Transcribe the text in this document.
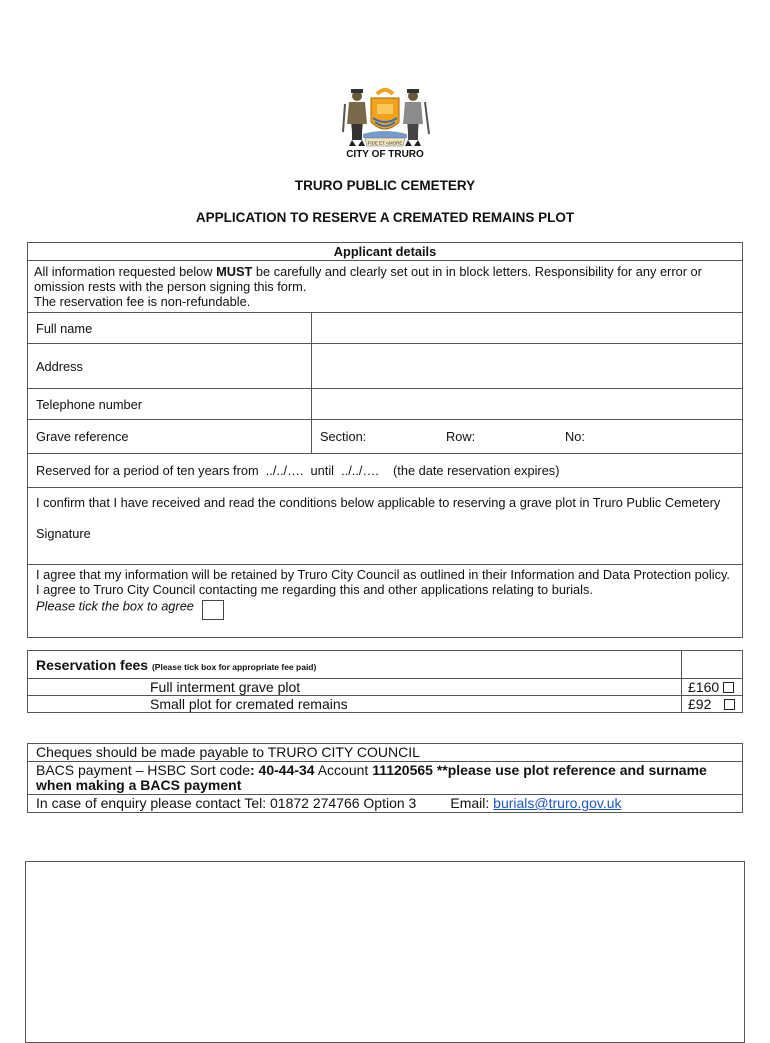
FIDE ET AMORE
CITY OF TRURO
TRURO PUBLIC CEMETERY
APPLICATION TO RESERVE A CREMATED REMAINS PLOT
Applicant details	
All information requested below MUST be carefully and clearly set out in in block letters. Responsibility for any error or omission rests with the person signing this form.
The reservation fee is non-refundable.	
Full name	
Address	
Telephone number	
Grave reference	Section: Row: No:
Reserved for a period of ten years from  ../../….  until  ../../….    (the date reservation expires)	

I confirm that I have received and read the conditions below applicable to reserving a grave plot in Truro Public Cemetery
Signature	

I agree that my information will be retained by Truro City Council as outlined in their Information and Data Protection policy.
I agree to Truro City Council contacting me regarding this and other applications relating to burials.
Please tick the box to agree	
Reservation fees (Please tick box for appropriate fee paid)	
Full interment grave plot	£160
Small plot for cremated remains	£92
Cheques should be made payable to TRURO CITY COUNCIL
BACS payment – HSBC Sort code: 40-44-34 Account 11120565 **please use plot reference and surname when making a BACS payment
In case of enquiry please contact Tel: 01872 274766 Option 3 Email: burials@truro.gov.uk
